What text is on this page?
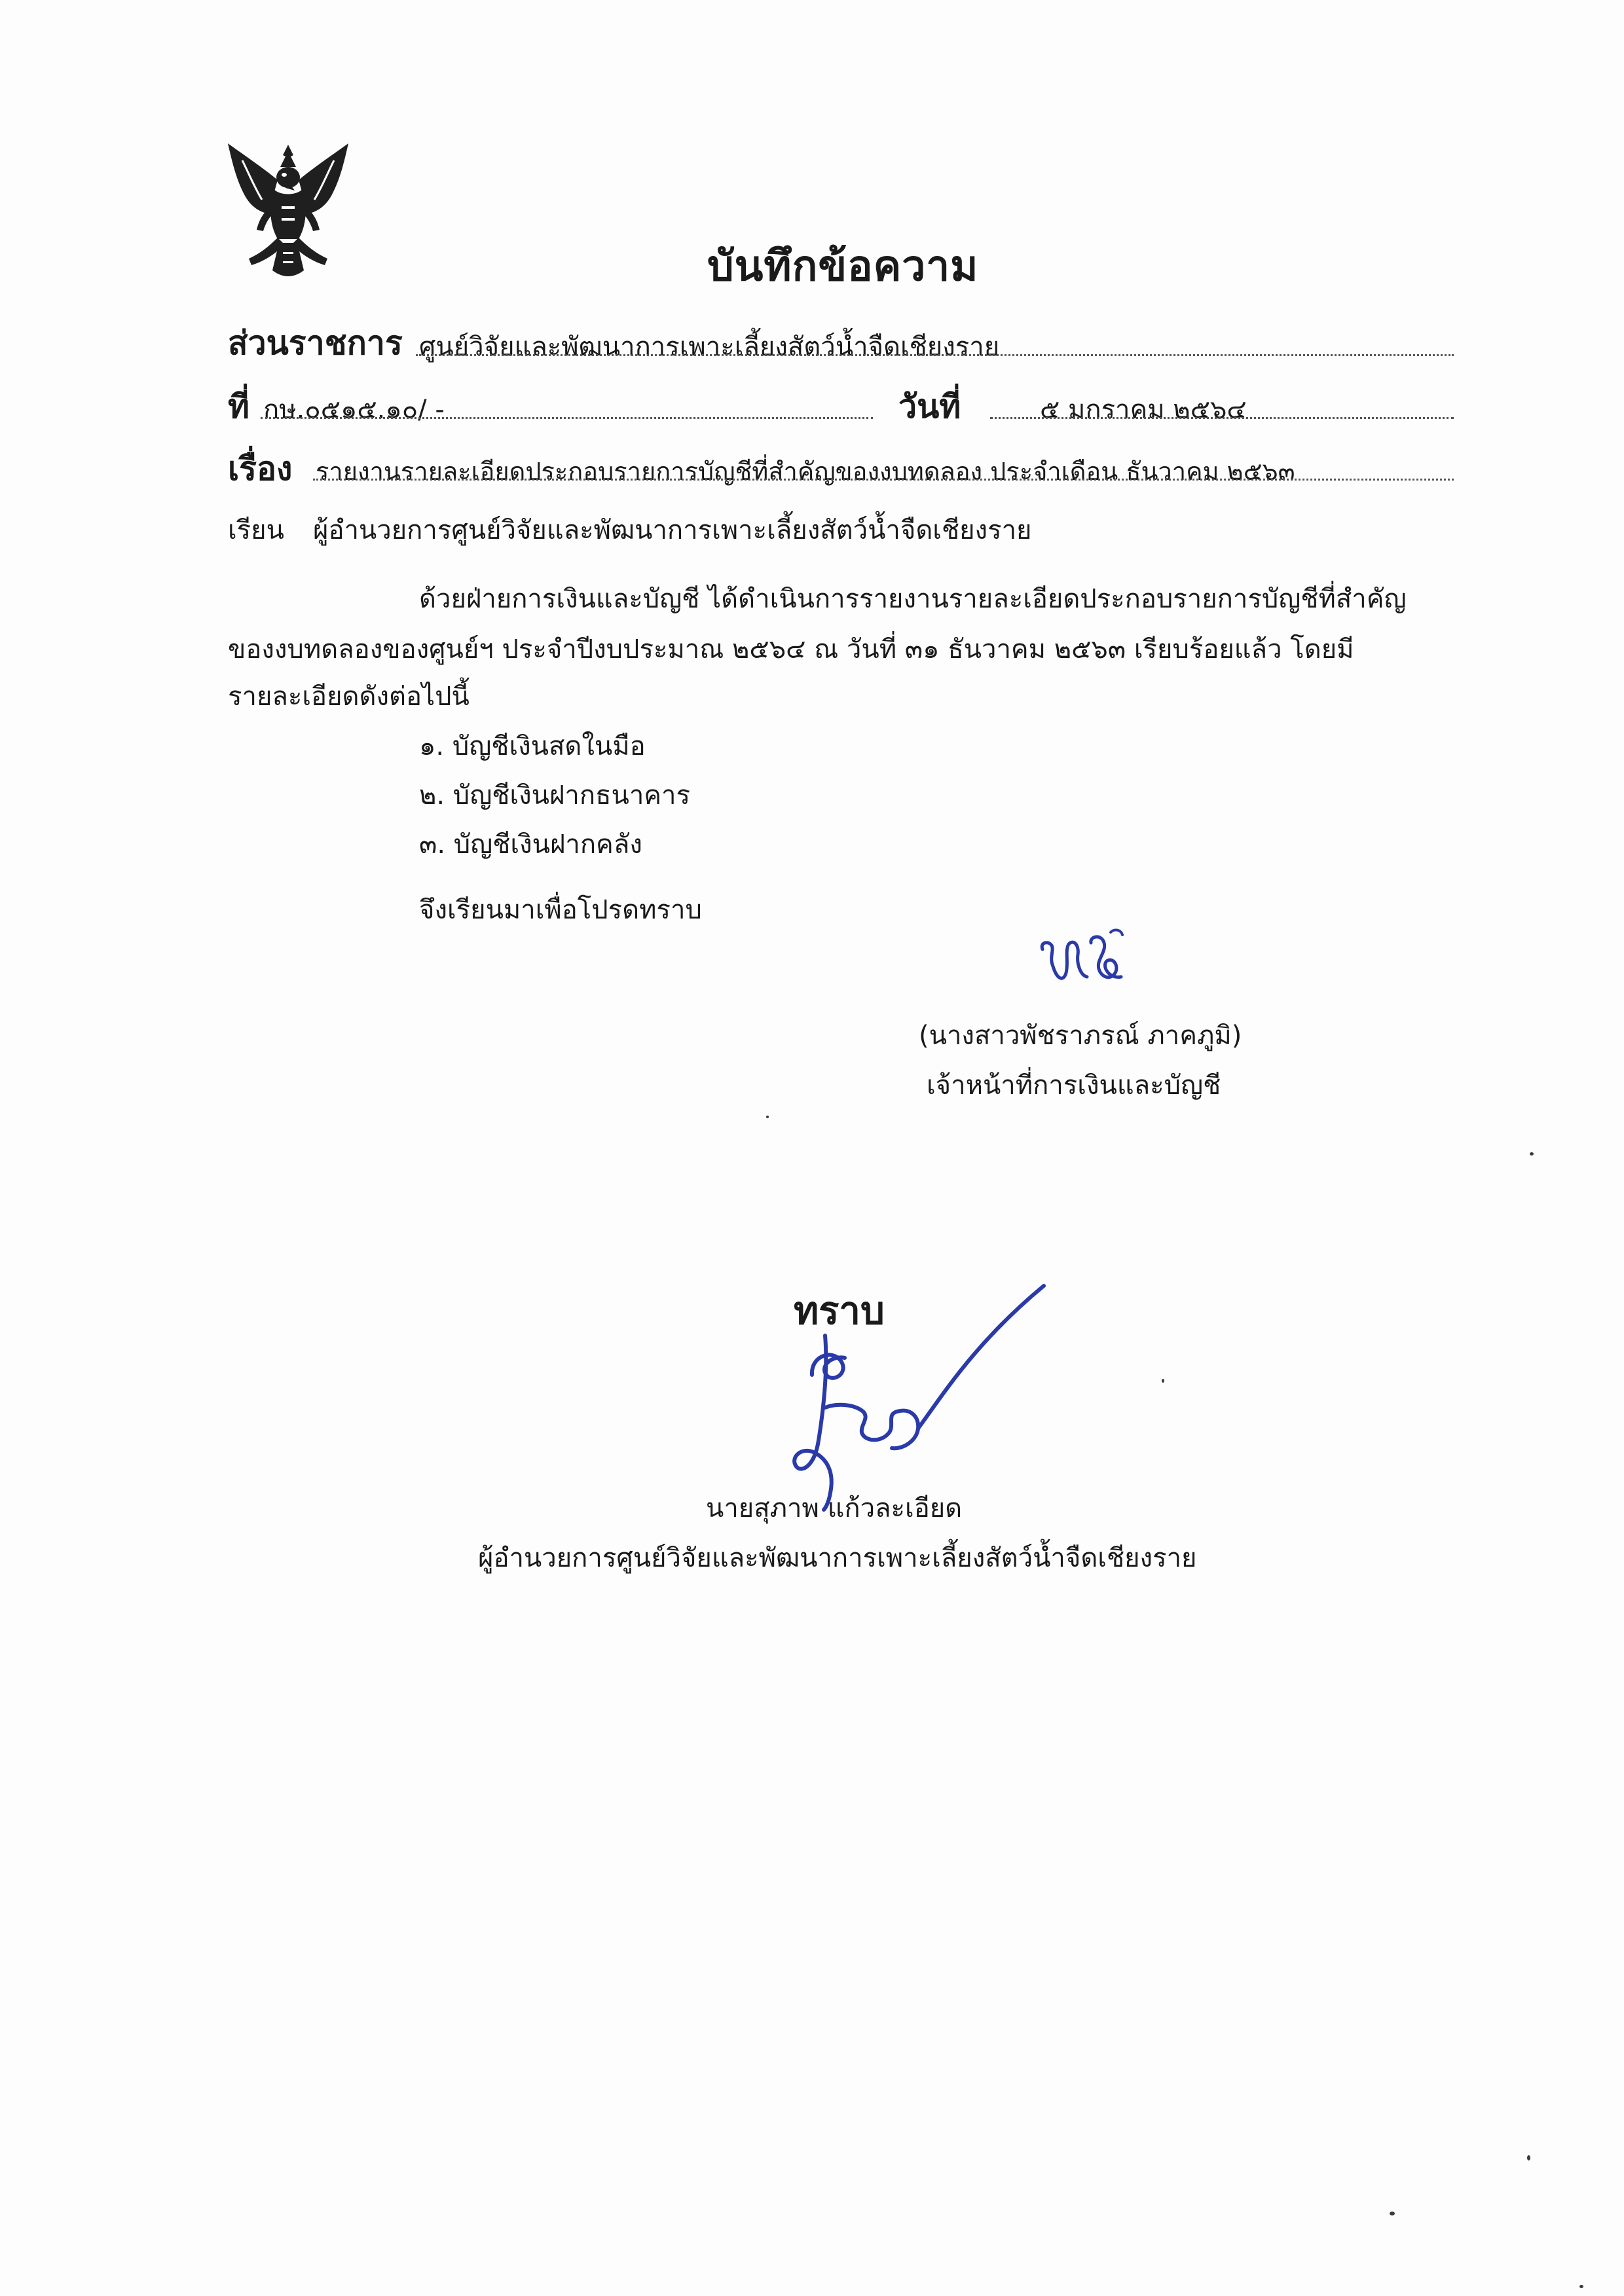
บันทึกข้อความ
ส่วนราชการ ศูนย์วิจัยและพัฒนาการเพาะเลี้ยงสัตว์น้ำจืดเชียงราย
ที่ กษ.๐๕๑๕.๑๐/ -	วันที่	๕ มกราคม ๒๕๖๔
เรื่อง รายงานรายละเอียดประกอบรายการบัญชีที่สำคัญของงบทดลอง ประจำเดือน ธันวาคม ๒๕๖๓
เรียน ผู้อำนวยการศูนย์วิจัยและพัฒนาการเพาะเลี้ยงสัตว์น้ำจืดเชียงราย
ด้วยฝ่ายการเงินและบัญชี ได้ดำเนินการรายงานรายละเอียดประกอบรายการบัญชีที่สำคัญ
ของงบทดลองของศูนย์ฯ ประจำปีงบประมาณ ๒๕๖๔ ณ วันที่ ๓๑ ธันวาคม ๒๕๖๓ เรียบร้อยแล้ว โดยมี
รายละเอียดดังต่อไปนี้
๑. บัญชีเงินสดในมือ
๒. บัญชีเงินฝากธนาคาร
๓. บัญชีเงินฝากคลัง
จึงเรียนมาเพื่อโปรดทราบ
(นางสาวพัชราภรณ์ ภาคภูมิ)
เจ้าหน้าที่การเงินและบัญชี
ทราบ
นายสุภาพ แก้วละเอียด
ผู้อำนวยการศูนย์วิจัยและพัฒนาการเพาะเลี้ยงสัตว์น้ำจืดเชียงราย
